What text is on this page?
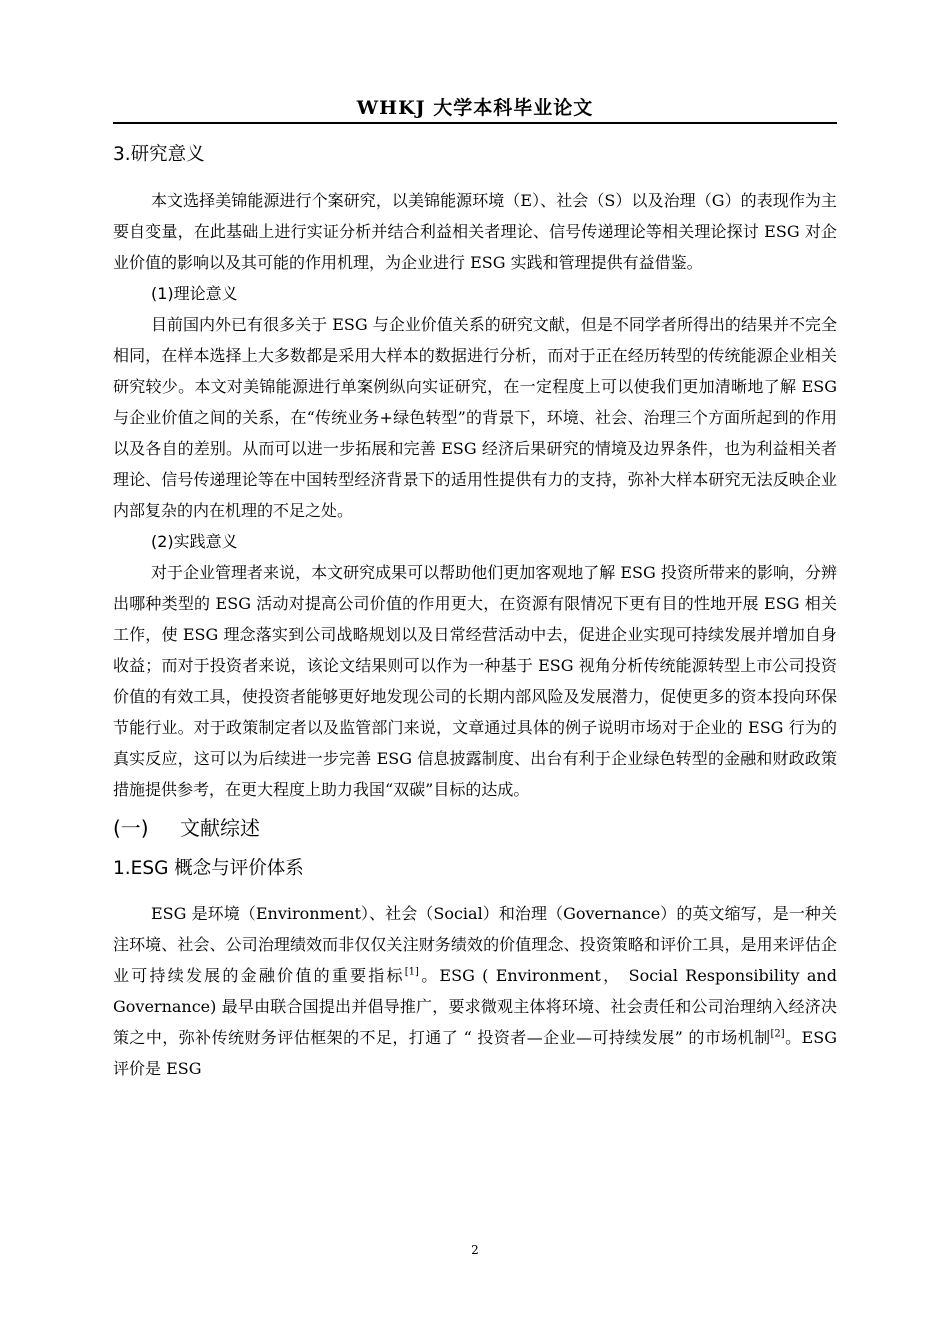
WHKJ 大学本科毕业论文
3.研究意义

本文选择美锦能源进行个案研究，以美锦能源环境（E）、社会（S）以及治理（G）的表现作为主要自变量，在此基础上进行实证分析并结合利益相关者理论、信号传递理论等相关理论探讨 ESG 对企业价值的影响以及其可能的作用机理，为企业进行 ESG 实践和管理提供有益借鉴。

(1)理论意义

目前国内外已有很多关于 ESG 与企业价值关系的研究文献，但是不同学者所得出的结果并不完全相同，在样本选择上大多数都是采用大样本的数据进行分析，而对于正在经历转型的传统能源企业相关研究较少。本文对美锦能源进行单案例纵向实证研究，在一定程度上可以使我们更加清晰地了解 ESG 与企业价值之间的关系，在“传统业务+绿色转型”的背景下，环境、社会、治理三个方面所起到的作用以及各自的差别。从而可以进一步拓展和完善 ESG 经济后果研究的情境及边界条件，也为利益相关者理论、信号传递理论等在中国转型经济背景下的适用性提供有力的支持，弥补大样本研究无法反映企业内部复杂的内在机理的不足之处。

(2)实践意义

对于企业管理者来说，本文研究成果可以帮助他们更加客观地了解 ESG 投资所带来的影响，分辨出哪种类型的 ESG 活动对提高公司价值的作用更大，在资源有限情况下更有目的性地开展 ESG 相关工作，使 ESG 理念落实到公司战略规划以及日常经营活动中去，促进企业实现可持续发展并增加自身收益；而对于投资者来说，该论文结果则可以作为一种基于 ESG 视角分析传统能源转型上市公司投资价值的有效工具，使投资者能够更好地发现公司的长期内部风险及发展潜力，促使更多的资本投向环保节能行业。对于政策制定者以及监管部门来说，文章通过具体的例子说明市场对于企业的 ESG 行为的真实反应，这可以为后续进一步完善 ESG 信息披露制度、出台有利于企业绿色转型的金融和财政政策措施提供参考，在更大程度上助力我国“双碳”目标的达成。

(一) 文献综述
1.ESG 概念与评价体系

ESG 是环境（Environment）、社会（Social）和治理（Governance）的英文缩写，是一种关注环境、社会、公司治理绩效而非仅仅关注财务绩效的价值理念、投资策略和评价工具，是用来评估企业可持续发展的金融价值的重要指标[1]。ESG ( Environment， Social Responsibility and Governance) 最早由联合国提出并倡导推广，要求微观主体将环境、社会责任和公司治理纳入经济决策之中，弥补传统财务评估框架的不足，打通了 “ 投资者—企业—可持续发展” 的市场机制[2]。ESG 评价是 ESG

2
